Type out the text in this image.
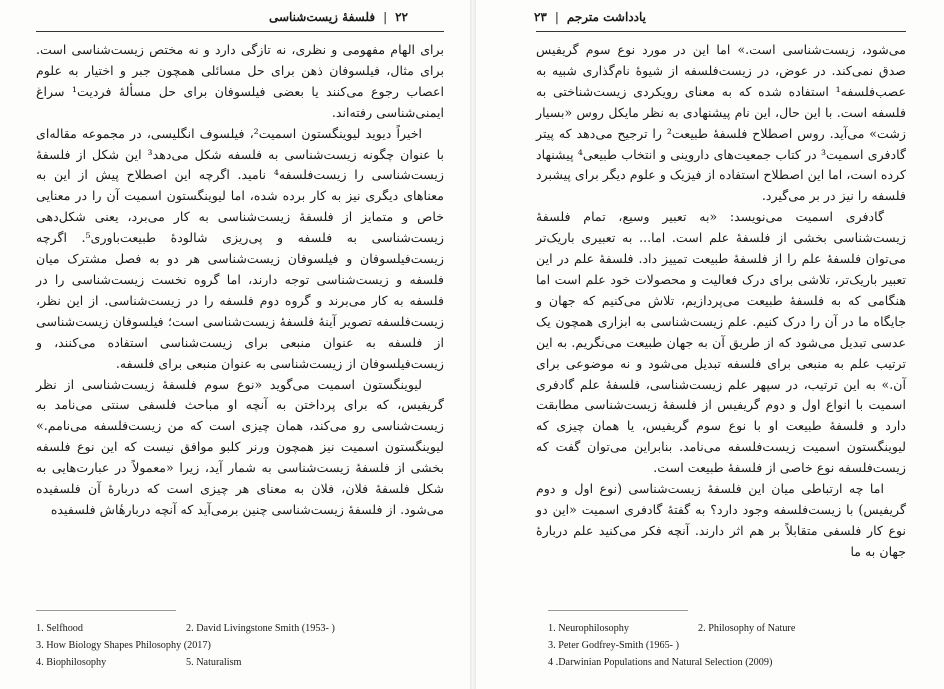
۲۲|فلسفهٔ زیست‌شناسی

برای الهام مفهومی و نظری، نه تازگی دارد و نه مختص زیست‌شناسی است. برای مثال، فیلسوفان ذهن برای حل مسائلی همچون جبر و اختیار به علوم اعصاب رجوع می‌کنند یا بعضی فیلسوفان برای حل مسألهٔ فردیت¹ سراغ ایمنی‌شناسی رفته‌اند.

اخیراً دیوید لیوینگستون اسمیت²، فیلسوف انگلیسی، در مجموعه مقاله‌ای با عنوان چگونه زیست‌شناسی به فلسفه شکل می‌دهد³ این شکل از فلسفهٔ زیست‌شناسی را زیست‌فلسفه⁴ نامید. اگرچه این اصطلاح پیش از این به معناهای دیگری نیز به کار برده شده، اما لیوینگستون اسمیت آن را در معنایی خاص و متمایز از فلسفهٔ زیست‌شناسی به کار می‌برد، یعنی شکل‌دهی زیست‌شناسی به فلسفه و پی‌ریزی شالودهٔ طبیعت‌باوری⁵. اگرچه زیست‌فیلسوفان و فیلسوفان زیست‌شناسی هر دو به فصل مشترک میان فلسفه و زیست‌شناسی توجه دارند، اما گروه نخست زیست‌شناسی را در فلسفه به کار می‌برند و گروه دوم فلسفه را در زیست‌شناسی. از این نظر، زیست‌فلسفه تصویر آینهٔ فلسفهٔ زیست‌شناسی است؛ فیلسوفان زیست‌شناسی از فلسفه به عنوان منبعی برای زیست‌شناسی استفاده می‌کنند، و زیست‌فیلسوفان از زیست‌شناسی به عنوان منبعی برای فلسفه.

لیوینگستون اسمیت می‌گوید «نوع سوم فلسفهٔ زیست‌شناسی از نظر گریفیس، که برای پرداختن به آنچه او مباحث فلسفی سنتی می‌نامد به زیست‌شناسی رو می‌کند، همان چیزی است که من زیست‌فلسفه می‌نامم.» لیوینگستون اسمیت نیز همچون ورنر کلبو موافق نیست که این نوع فلسفه بخشی از فلسفهٔ زیست‌شناسی به شمار آید، زیرا «معمولاً در عبارت‌هایی به شکل فلسفهٔ فلان، فلان به معنای هر چیزی است که دربارهٔ آن فلسفیده می‌شود. از فلسفهٔ زیست‌شناسی چنین برمی‌آید که آنچه دربارهٔاش فلسفیده

1. Selfhood	2. David Livingstone Smith (1953- )
3. How Biology Shapes Philosophy (2017)
4. Biophilosophy	5. Naturalism
یادداشت مترجم|۲۳

می‌شود، زیست‌شناسی است.» اما این در مورد نوع سوم گریفیس صدق نمی‌کند. در عوض، در زیست‌فلسفه از شیوهٔ نام‌گذاری شبیه به عصب‌فلسفه¹ استفاده شده که به معنای رویکردی زیست‌شناختی به فلسفه است. با این حال، این نام پیشنهادی به نظر مایکل روس «بسیار زشت» می‌آید. روس اصطلاح فلسفهٔ طبیعت² را ترجیح می‌دهد که پیتر گادفری اسمیت³ در کتاب جمعیت‌های داروینی و انتخاب طبیعی⁴ پیشنهاد کرده است، اما این اصطلاح استفاده از فیزیک و علوم دیگر برای پیشبرد فلسفه را نیز در بر می‌گیرد.

گادفری اسمیت می‌نویسد: «به تعبیر وسیع، تمام فلسفهٔ زیست‌شناسی بخشی از فلسفهٔ علم است. اما... به تعبیری باریک‌تر می‌توان فلسفهٔ علم را از فلسفهٔ طبیعت تمییز داد. فلسفهٔ علم در این تعبیر باریک‌تر، تلاشی برای درک فعالیت و محصولات خود علم است اما هنگامی که به فلسفهٔ طبیعت می‌پردازیم، تلاش می‌کنیم که جهان و جایگاه ما در آن را درک کنیم. علم زیست‌شناسی به ابزاری همچون یک عدسی تبدیل می‌شود که از طریق آن به جهان طبیعت می‌نگریم. به این ترتیب علم به منبعی برای فلسفه تبدیل می‌شود و نه موضوعی برای آن.» به این ترتیب، در سپهر علم زیست‌شناسی، فلسفهٔ علم گادفری اسمیت با انواع اول و دوم گریفیس از فلسفهٔ زیست‌شناسی مطابقت دارد و فلسفهٔ طبیعت او با نوع سوم گریفیس، یا همان چیزی که لیوینگستون اسمیت زیست‌فلسفه می‌نامد. بنابراین می‌توان گفت که زیست‌فلسفه نوع خاصی از فلسفهٔ طبیعت است.

اما چه ارتباطی میان این فلسفهٔ زیست‌شناسی (نوع اول و دوم گریفیس) با زیست‌فلسفه وجود دارد؟ به گفتهٔ گادفری اسمیت «این دو نوع کار فلسفی متقابلاً بر هم اثر دارند. آنچه فکر می‌کنید علم دربارهٔ جهان به ما

1. Neurophilosophy	2. Philosophy of Nature
3. Peter Godfrey-Smith (1965- )
4 .Darwinian Populations and Natural Selection (2009)
